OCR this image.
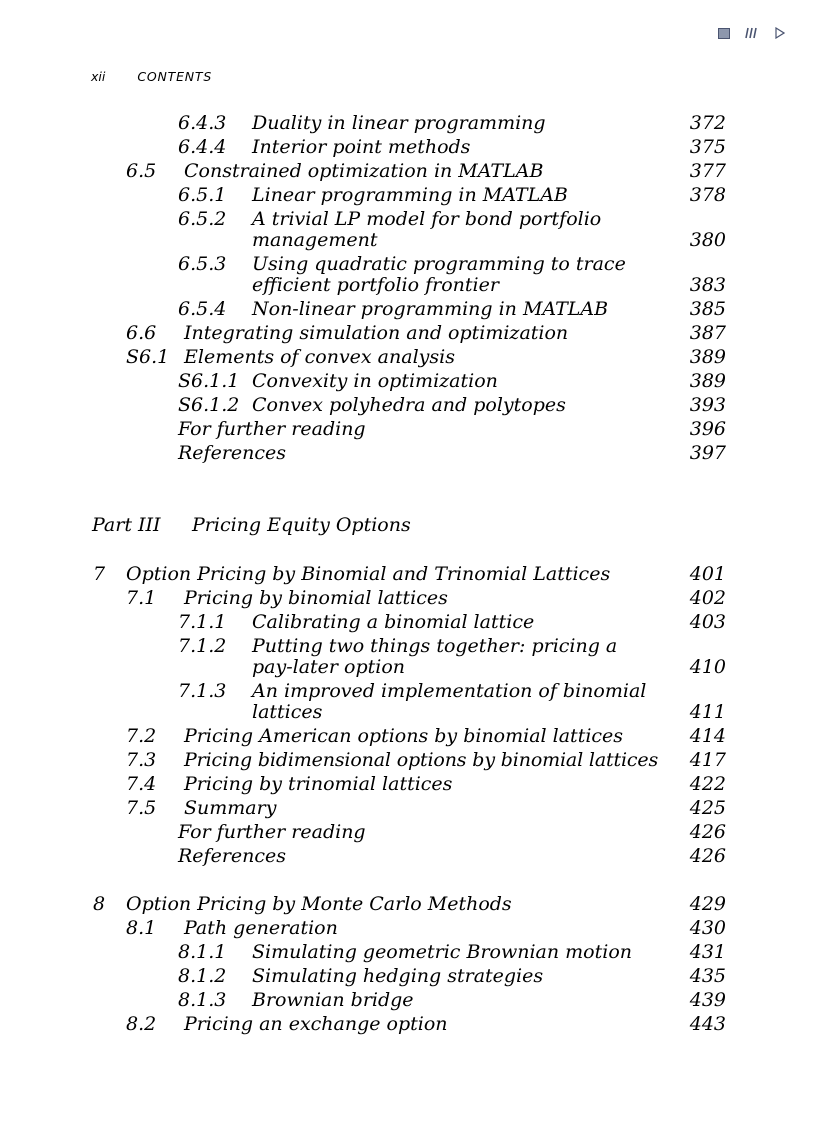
xii	CONTENTS
6.4.3 Duality in linear programming	372
6.4.4 Interior point methods	375
6.5 Constrained optimization in MATLAB	377
6.5.1 Linear programming in MATLAB	378
6.5.2 A trivial LP model for bond portfolio
management	380
6.5.3 Using quadratic programming to trace
efficient portfolio frontier	383
6.5.4 Non-linear programming in MATLAB	385
6.6 Integrating simulation and optimization	387
S6.1 Elements of convex analysis	389
S6.1.1 Convexity in optimization	389
S6.1.2 Convex polyhedra and polytopes	393
For further reading	396
References	397
Part III Pricing Equity Options
7 Option Pricing by Binomial and Trinomial Lattices	401
7.1 Pricing by binomial lattices	402
7.1.1 Calibrating a binomial lattice	403
7.1.2 Putting two things together: pricing a
pay-later option	410
7.1.3 An improved implementation of binomial
lattices	411
7.2 Pricing American options by binomial lattices	414
7.3 Pricing bidimensional options by binomial lattices 417
7.4 Pricing by trinomial lattices	422
7.5 Summary	425
For further reading	426
References	426
8 Option Pricing by Monte Carlo Methods	429
8.1 Path generation	430
8.1.1 Simulating geometric Brownian motion	431
8.1.2 Simulating hedging strategies	435
8.1.3 Brownian bridge	439
8.2 Pricing an exchange option	443
